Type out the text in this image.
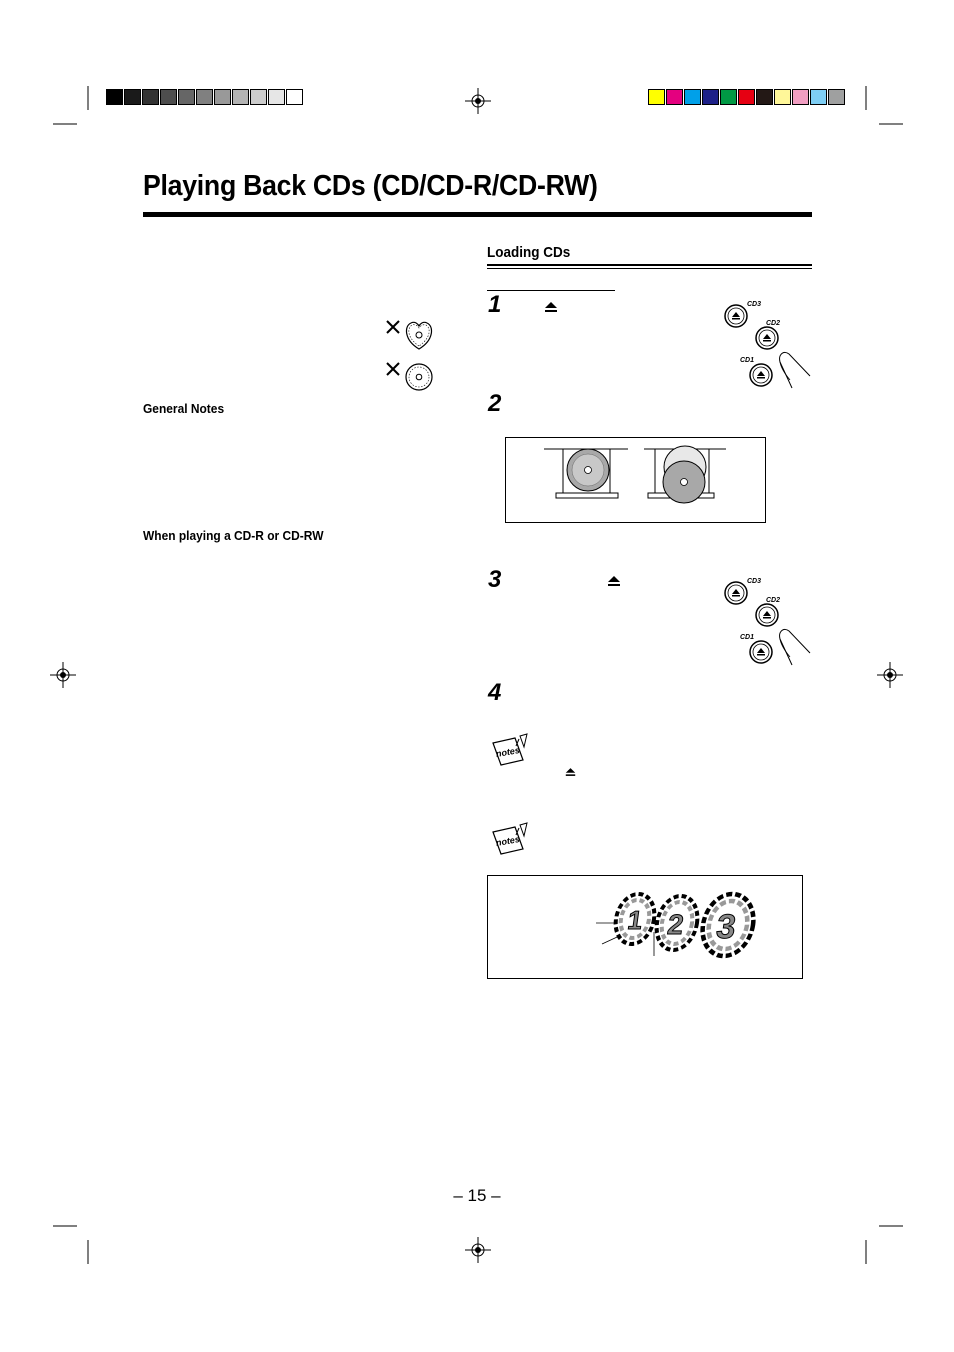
Playing Back CDs (CD/CD-R/CD-RW)
General Notes
When playing a CD-R or CD-RW
Loading CDs
1
2
3
4
CD3
CD2
CD1
CD3
CD2
CD1
notes
notes
1 2 3
– 15 –
